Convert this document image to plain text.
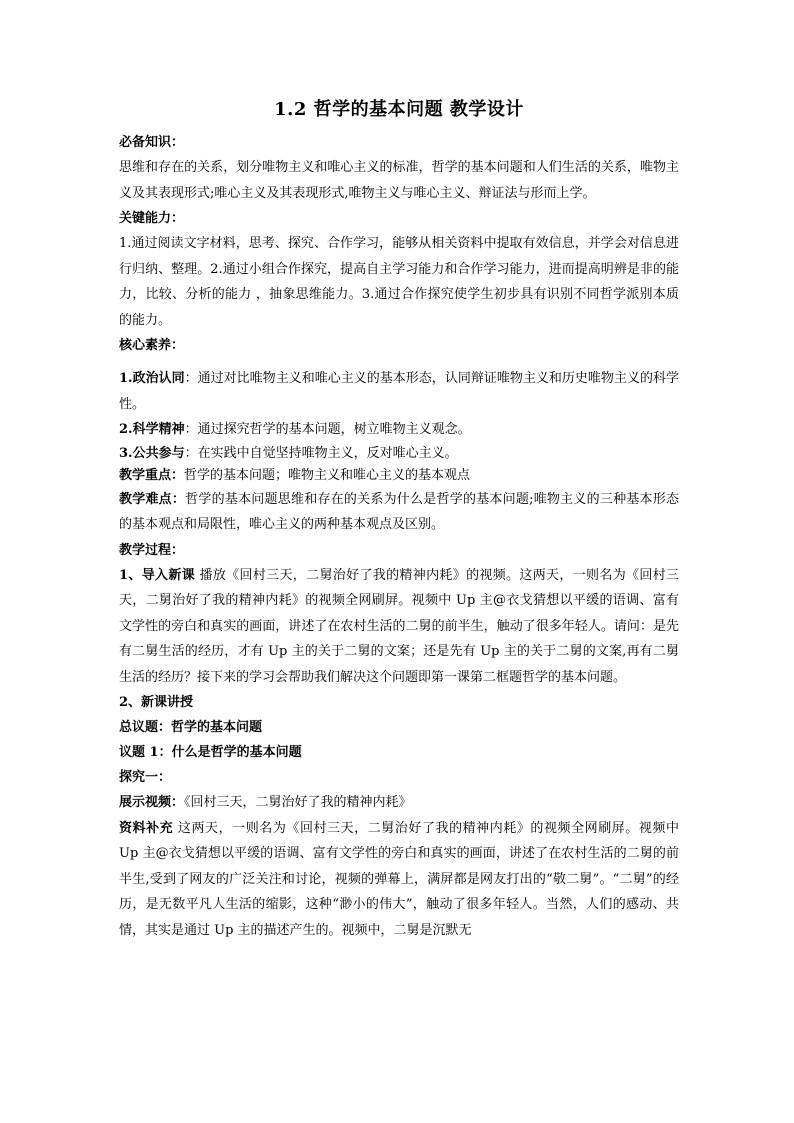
1.2 哲学的基本问题 教学设计

必备知识：

思维和存在的关系，划分唯物主义和唯心主义的标准，哲学的基本问题和人们生活的关系，唯物主义及其表现形式;唯心主义及其表现形式,唯物主义与唯心主义、辩证法与形而上学。

关键能力：

1.通过阅读文字材料，思考、探究、合作学习，能够从相关资料中提取有效信息，并学会对信息进行归纳、整理。2.通过小组合作探究，提高自主学习能力和合作学习能力，进而提高明辨是非的能力，比较、分析的能力 ，抽象思维能力。3.通过合作探究使学生初步具有识别不同哲学派别本质的能力。

核心素养：

1.政治认同：通过对比唯物主义和唯心主义的基本形态，认同辩证唯物主义和历史唯物主义的科学性。

2.科学精神：通过探究哲学的基本问题，树立唯物主义观念。

3.公共参与：在实践中自觉坚持唯物主义，反对唯心主义。

教学重点：哲学的基本问题；唯物主义和唯心主义的基本观点

教学难点：哲学的基本问题思维和存在的关系为什么是哲学的基本问题;唯物主义的三种基本形态的基本观点和局限性，唯心主义的两种基本观点及区别。

教学过程：

1、导入新课 播放《回村三天，二舅治好了我的精神内耗》的视频。这两天，一则名为《回村三天，二舅治好了我的精神内耗》的视频全网刷屏。视频中 Up 主@衣戈猜想以平缓的语调、富有文学性的旁白和真实的画面，讲述了在农村生活的二舅的前半生，触动了很多年轻人。请问：是先有二舅生活的经历，才有 Up 主的关于二舅的文案；还是先有 Up 主的关于二舅的文案,再有二舅生活的经历？接下来的学习会帮助我们解决这个问题即第一课第二框题哲学的基本问题。

2、新课讲授

总议题：哲学的基本问题

议题 1：什么是哲学的基本问题

探究一：

展示视频：《回村三天，二舅治好了我的精神内耗》

资料补充 这两天，一则名为《回村三天，二舅治好了我的精神内耗》的视频全网刷屏。视频中 Up 主@衣戈猜想以平缓的语调、富有文学性的旁白和真实的画面，讲述了在农村生活的二舅的前半生,受到了网友的广泛关注和讨论，视频的弹幕上，满屏都是网友打出的“敬二舅”。“二舅”的经历，是无数平凡人生活的缩影，这种“渺小的伟大”，触动了很多年轻人。当然，人们的感动、共情，其实是通过 Up 主的描述产生的。视频中，二舅是沉默无
